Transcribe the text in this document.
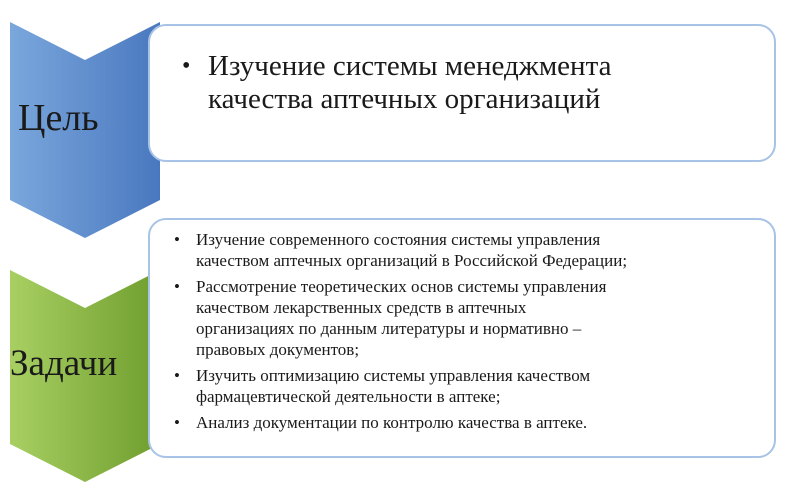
Цель
Задачи
• Изучение системы менеджмента
качества аптечных организаций
• Изучение современного состояния системы управления
качеством аптечных организаций в Российской Федерации;
• Рассмотрение теоретических основ системы управления
качеством лекарственных средств в аптечных
организациях по данным литературы и нормативно –
правовых документов;
• Изучить оптимизацию системы управления качеством
фармацевтической деятельности в аптеке;
• Анализ документации по контролю качества в аптеке.
